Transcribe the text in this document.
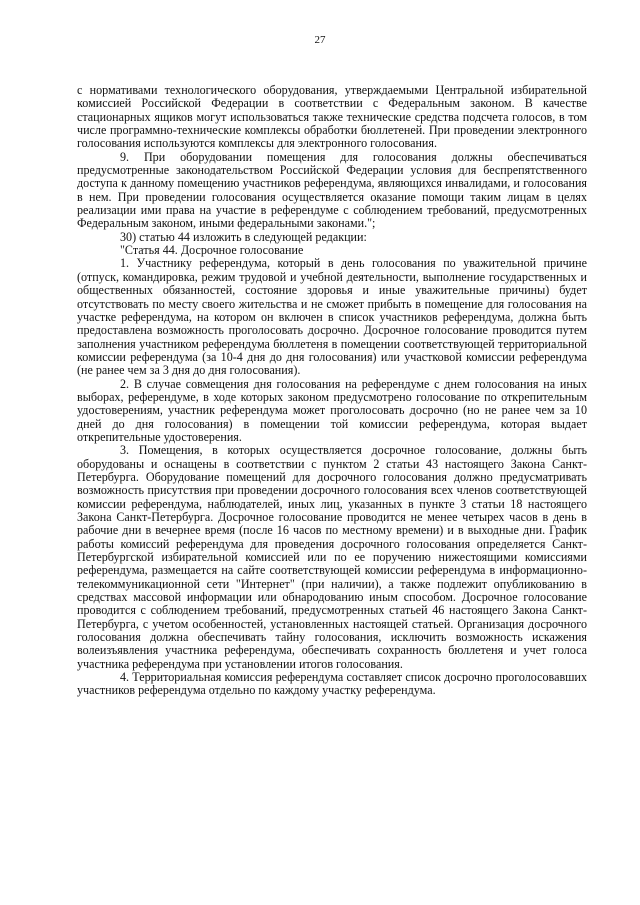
27

с нормативами технологического оборудования, утверждаемыми Центральной избирательной комиссией Российской Федерации в соответствии с Федеральным законом. В качестве стационарных ящиков могут использоваться также технические средства подсчета голосов, в том числе программно-технические комплексы обработки бюллетеней. При проведении электронного голосования используются комплексы для электронного голосования.

9. При оборудовании помещения для голосования должны обеспечиваться предусмотренные законодательством Российской Федерации условия для беспрепятственного доступа к данному помещению участников референдума, являющихся инвалидами, и голосования в нем. При проведении голосования осуществляется оказание помощи таким лицам в целях реализации ими права на участие в референдуме с соблюдением требований, предусмотренных Федеральным законом, иными федеральными законами.";

30) статью 44 изложить в следующей редакции:

"Статья 44. Досрочное голосование

1. Участнику референдума, который в день голосования по уважительной причине (отпуск, командировка, режим трудовой и учебной деятельности, выполнение государственных и общественных обязанностей, состояние здоровья и иные уважительные причины) будет отсутствовать по месту своего жительства и не сможет прибыть в помещение для голосования на участке референдума, на котором он включен в список участников референдума, должна быть предоставлена возможность проголосовать досрочно. Досрочное голосование проводится путем заполнения участником референдума бюллетеня в помещении соответствующей территориальной комиссии референдума (за 10-4 дня до дня голосования) или участковой комиссии референдума (не ранее чем за 3 дня до дня голосования).

2. В случае совмещения дня голосования на референдуме с днем голосования на иных выборах, референдуме, в ходе которых законом предусмотрено голосование по открепительным удостоверениям, участник референдума может проголосовать досрочно (но не ранее чем за 10 дней до дня голосования) в помещении той комиссии референдума, которая выдает открепительные удостоверения.

3. Помещения, в которых осуществляется досрочное голосование, должны быть оборудованы и оснащены в соответствии с пунктом 2 статьи 43 настоящего Закона Санкт-Петербурга. Оборудование помещений для досрочного голосования должно предусматривать возможность присутствия при проведении досрочного голосования всех членов соответствующей комиссии референдума, наблюдателей, иных лиц, указанных в пункте 3 статьи 18 настоящего Закона Санкт-Петербурга. Досрочное голосование проводится не менее четырех часов в день в рабочие дни в вечернее время (после 16 часов по местному времени) и в выходные дни. График работы комиссий референдума для проведения досрочного голосования определяется Санкт-Петербургской избирательной комиссией или по ее поручению нижестоящими комиссиями референдума, размещается на сайте соответствующей комиссии референдума в информационно-телекоммуникационной сети "Интернет" (при наличии), а также подлежит опубликованию в средствах массовой информации или обнародованию иным способом. Досрочное голосование проводится с соблюдением требований, предусмотренных статьей 46 настоящего Закона Санкт-Петербурга, с учетом особенностей, установленных настоящей статьей. Организация досрочного голосования должна обеспечивать тайну голосования, исключить возможность искажения волеизъявления участника референдума, обеспечивать сохранность бюллетеня и учет голоса участника референдума при установлении итогов голосования.

4. Территориальная комиссия референдума составляет список досрочно проголосовавших участников референдума отдельно по каждому участку референдума.
